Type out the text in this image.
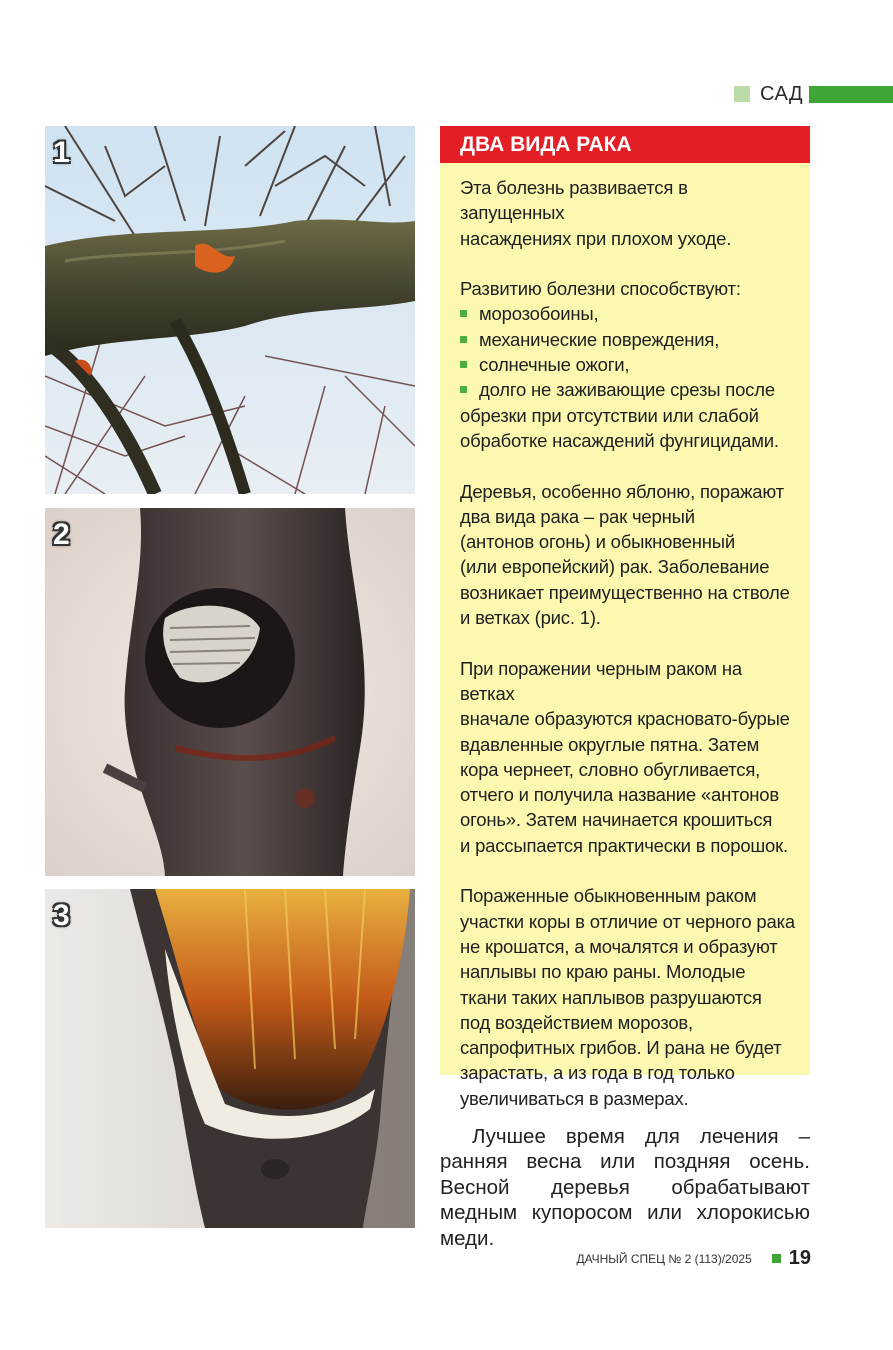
САД
1
2
3
ДВА ВИДА РАКА

Эта болезнь развивается в запущенных

насаждениях при плохом уходе.

Развитию болезни способствуют:

морозобоины,
механические повреждения,
солнечные ожоги,
долго не заживающие срезы после

обрезки при отсутствии или слабой

обработке насаждений фунгицидами.

Деревья, особенно яблоню, поражают

два вида рака – рак черный

(антонов огонь) и обыкновенный

(или европейский) рак. Заболевание

возникает преимущественно на стволе

и ветках (рис. 1).

При поражении черным раком на ветках

вначале образуются красновато-бурые

вдавленные округлые пятна. Затем

кора чернеет, словно обугливается,

отчего и получила название «антонов

огонь». Затем начинается крошиться

и рассыпается практически в порошок.

Пораженные обыкновенным раком

участки коры в отличие от черного рака

не крошатся, а мочалятся и образуют

наплывы по краю раны. Молодые

ткани таких наплывов разрушаются

под воздействием морозов,

сапрофитных грибов. И рана не будет

зарастать, а из года в год только

увеличиваться в размерах.

Лучшее время для лечения – ранняя весна или поздняя осень. Весной деревья обрабатывают медным купоросом или хлорокисью меди.

ДАЧНЫЙ СПЕЦ № 2 (113)/2025 19
